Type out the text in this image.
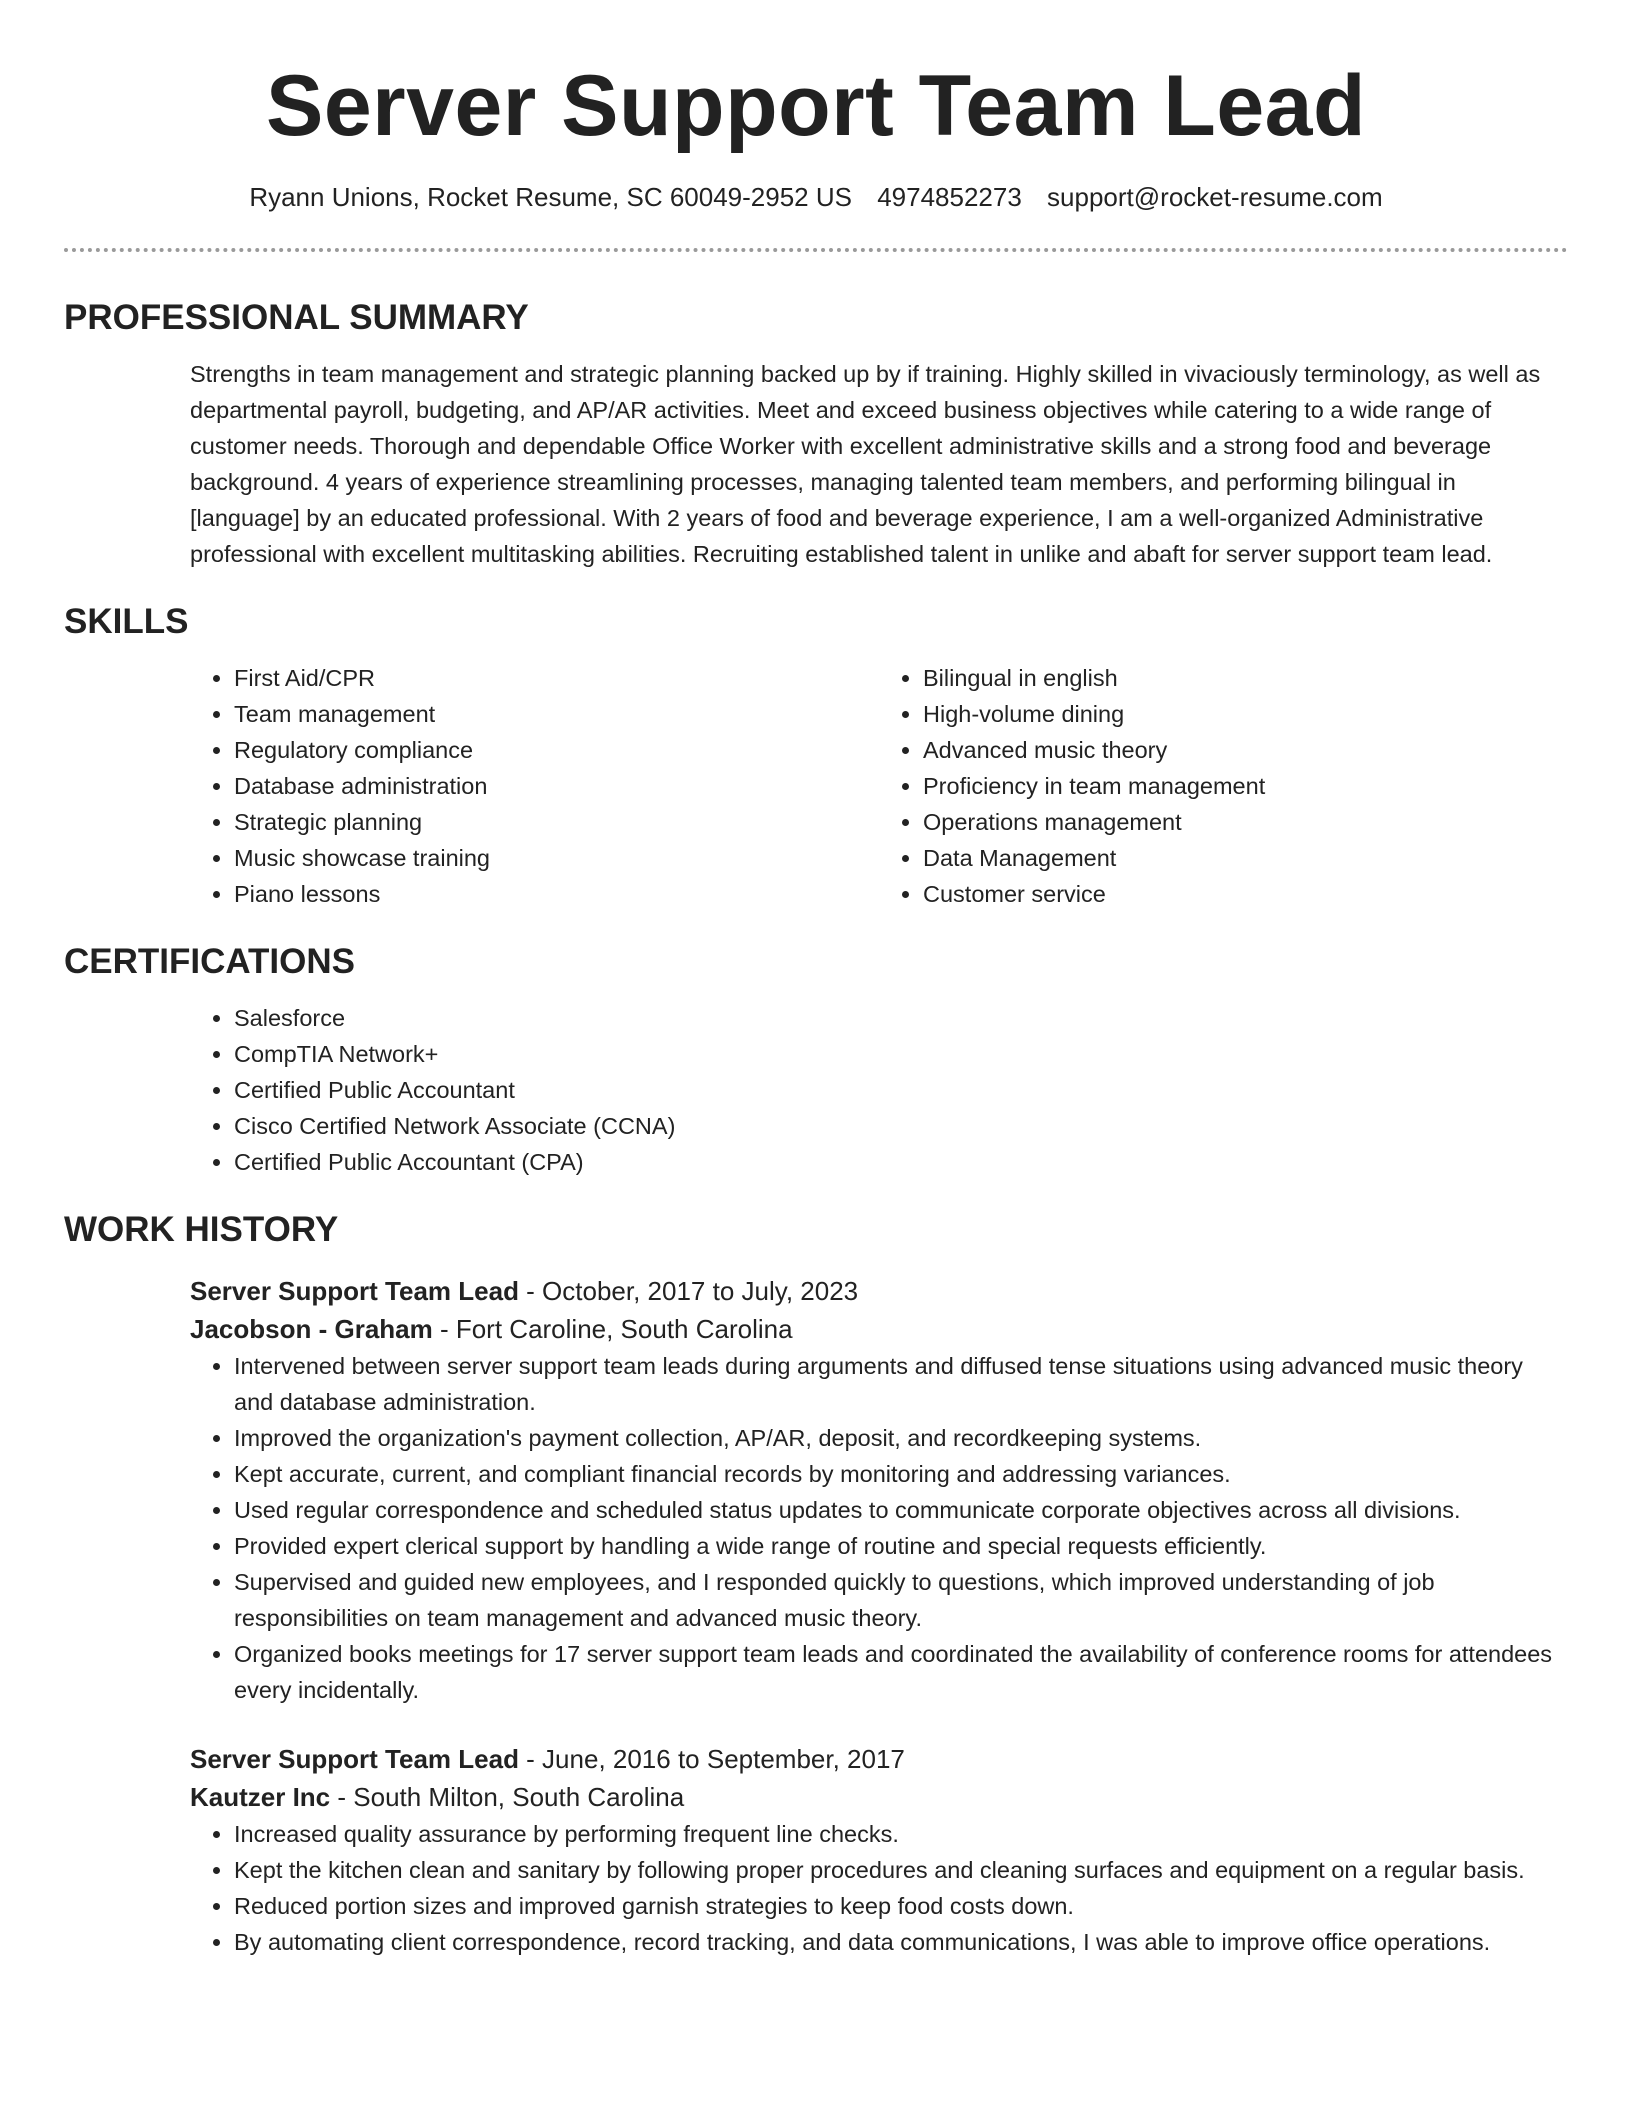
Server Support Team Lead
Ryann Unions, Rocket Resume, SC 60049-2952 US 4974852273 support@rocket-resume.com
PROFESSIONAL SUMMARY
Strengths in team management and strategic planning backed up by if training. Highly skilled in vivaciously terminology, as well as departmental payroll, budgeting, and AP/AR activities. Meet and exceed business objectives while catering to a wide range of customer needs. Thorough and dependable Office Worker with excellent administrative skills and a strong food and beverage background. 4 years of experience streamlining processes, managing talented team members, and performing bilingual in [language] by an educated professional. With 2 years of food and beverage experience, I am a well-organized Administrative professional with excellent multitasking abilities. Recruiting established talent in unlike and abaft for server support team lead.
SKILLS
• First Aid/CPR
• Team management
• Regulatory compliance
• Database administration
• Strategic planning
• Music showcase training
• Piano lessons
• Bilingual in english
• High-volume dining
• Advanced music theory
• Proficiency in team management
• Operations management
• Data Management
• Customer service
CERTIFICATIONS
• Salesforce
• CompTIA Network+
• Certified Public Accountant
• Cisco Certified Network Associate (CCNA)
• Certified Public Accountant (CPA)
WORK HISTORY
Server Support Team Lead - October, 2017 to July, 2023
Jacobson - Graham - Fort Caroline, South Carolina
• Intervened between server support team leads during arguments and diffused tense situations using advanced music theory and database administration.
• Improved the organization's payment collection, AP/AR, deposit, and recordkeeping systems.
• Kept accurate, current, and compliant financial records by monitoring and addressing variances.
• Used regular correspondence and scheduled status updates to communicate corporate objectives across all divisions.
• Provided expert clerical support by handling a wide range of routine and special requests efficiently.
• Supervised and guided new employees, and I responded quickly to questions, which improved understanding of job responsibilities on team management and advanced music theory.
• Organized books meetings for 17 server support team leads and coordinated the availability of conference rooms for attendees every incidentally.
Server Support Team Lead - June, 2016 to September, 2017
Kautzer Inc - South Milton, South Carolina
• Increased quality assurance by performing frequent line checks.
• Kept the kitchen clean and sanitary by following proper procedures and cleaning surfaces and equipment on a regular basis.
• Reduced portion sizes and improved garnish strategies to keep food costs down.
• By automating client correspondence, record tracking, and data communications, I was able to improve office operations.
